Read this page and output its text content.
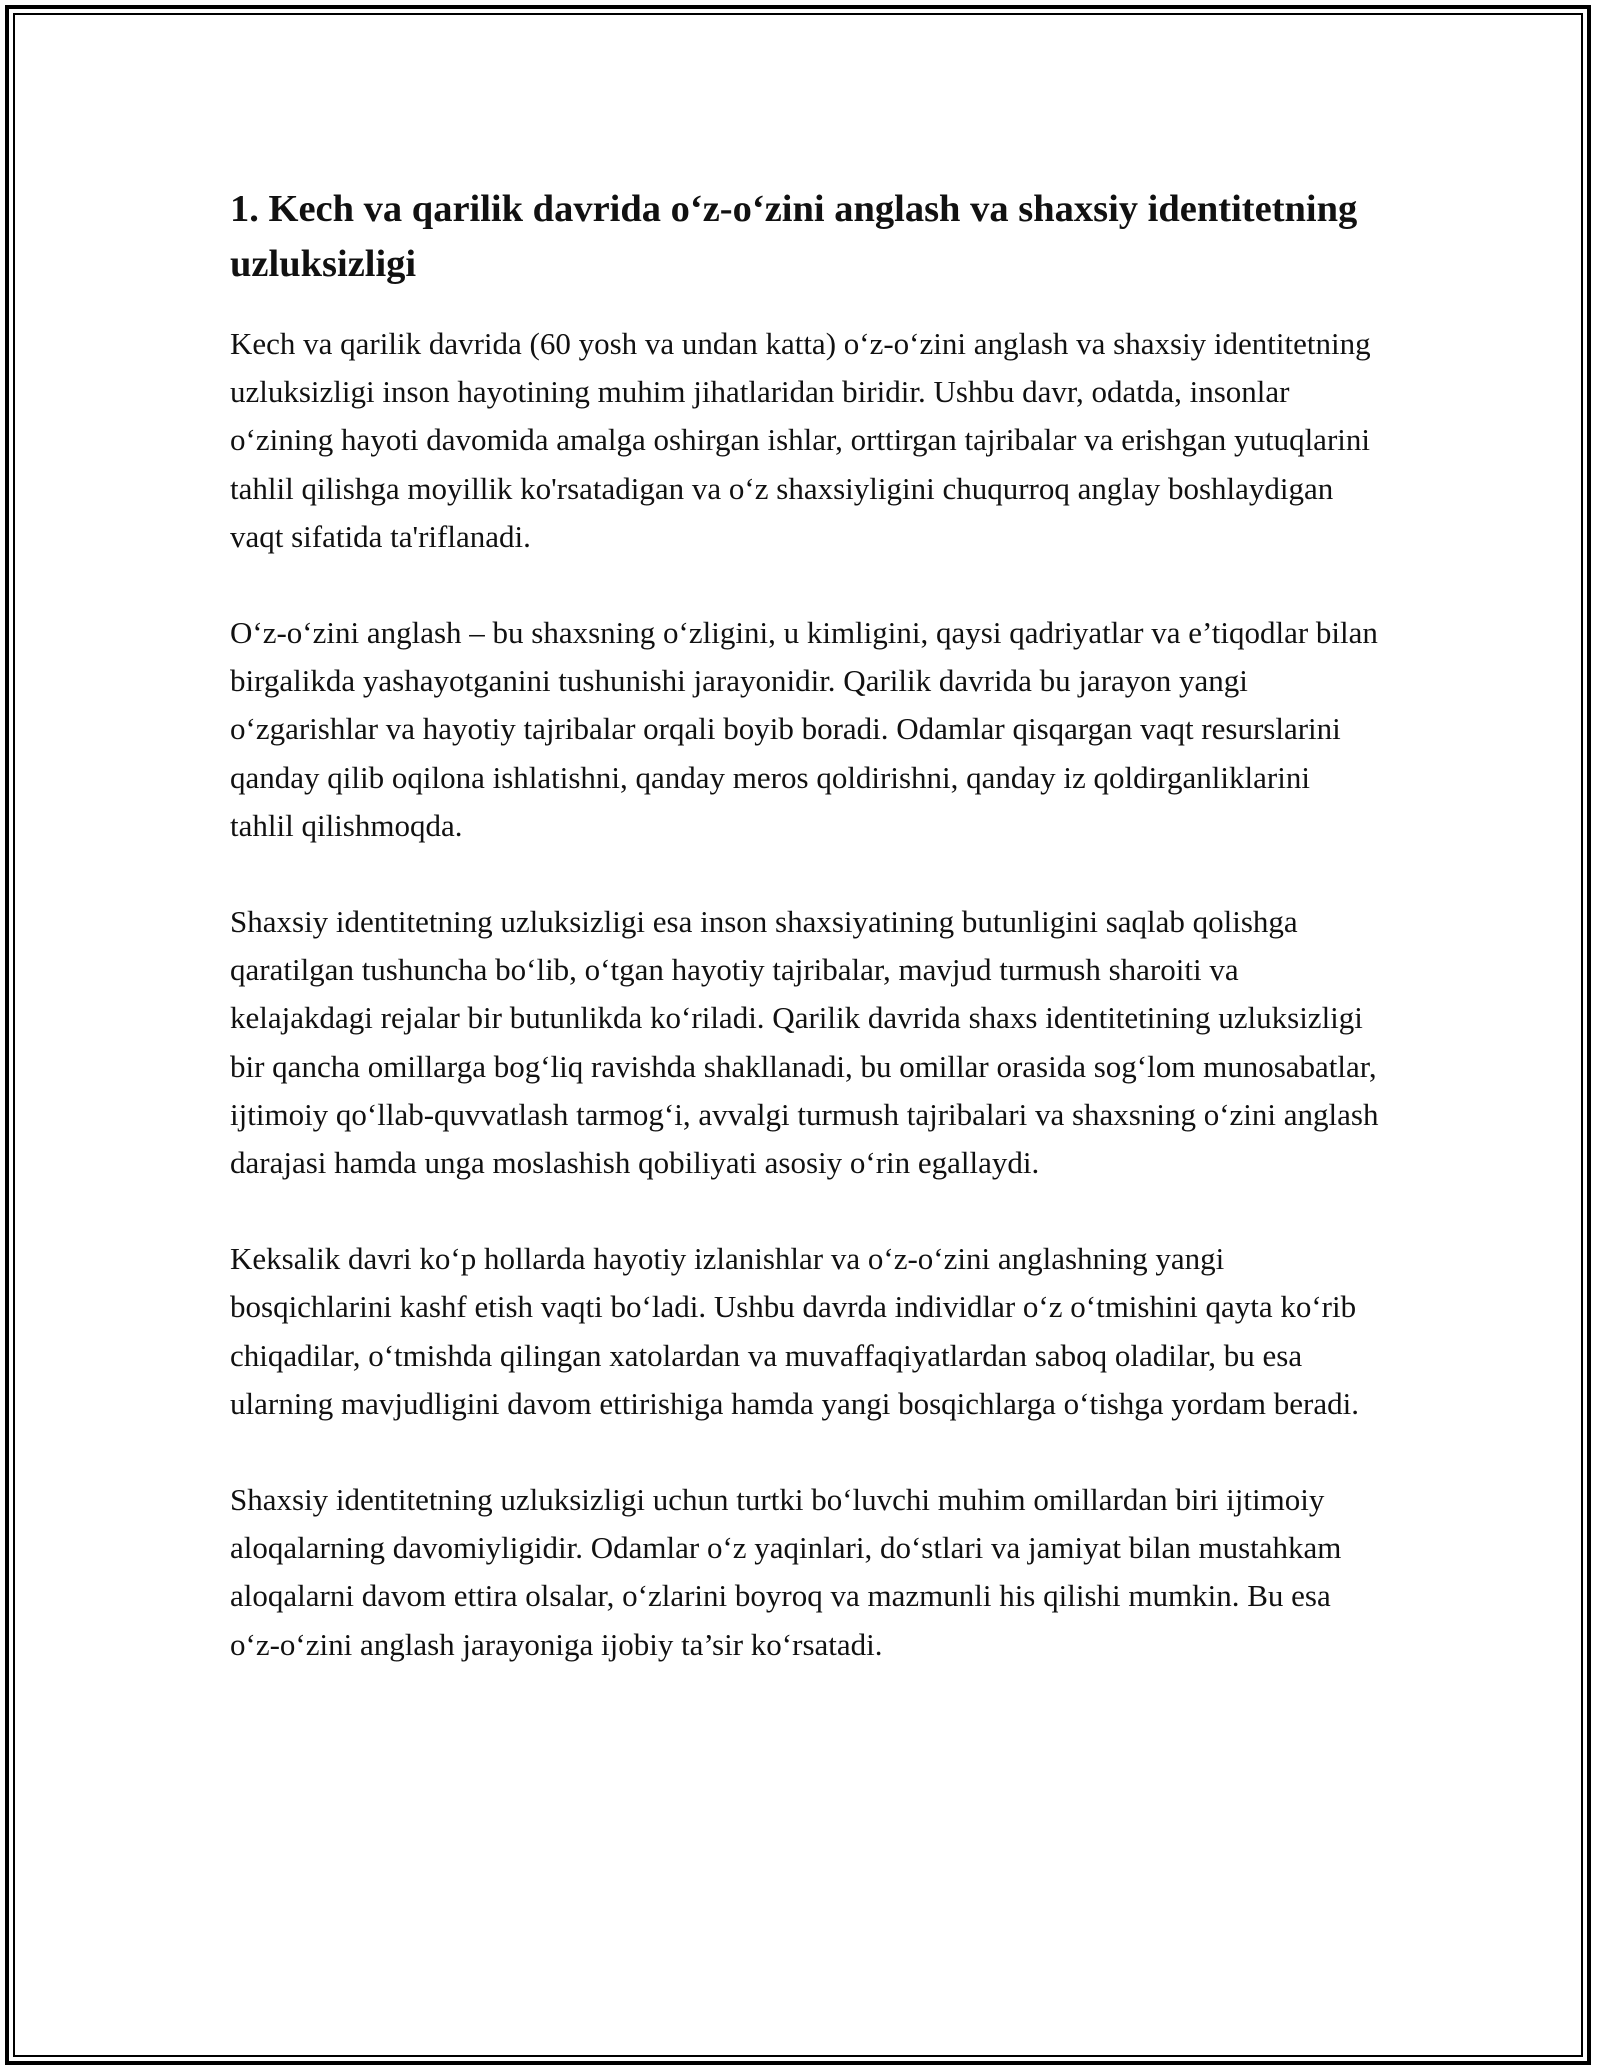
1. Kech va qarilik davrida o‘z-o‘zini anglash va shaxsiy identitetning uzluksizligi

Kech va qarilik davrida (60 yosh va undan katta) o‘z-o‘zini anglash va shaxsiy identitetning uzluksizligi inson hayotining muhim jihatlaridan biridir. Ushbu davr, odatda, insonlar o‘zining hayoti davomida amalga oshirgan ishlar, orttirgan tajribalar va erishgan yutuqlarini tahlil qilishga moyillik ko'rsatadigan va o‘z shaxsiyligini chuqurroq anglay boshlaydigan vaqt sifatida ta'riflanadi.

O‘z-o‘zini anglash – bu shaxsning o‘zligini, u kimligini, qaysi qadriyatlar va e’tiqodlar bilan birgalikda yashayotganini tushunishi jarayonidir. Qarilik davrida bu jarayon yangi o‘zgarishlar va hayotiy tajribalar orqali boyib boradi. Odamlar qisqargan vaqt resurslarini qanday qilib oqilona ishlatishni, qanday meros qoldirishni, qanday iz qoldirganliklarini tahlil qilishmoqda.

Shaxsiy identitetning uzluksizligi esa inson shaxsiyatining butunligini saqlab qolishga qaratilgan tushuncha bo‘lib, o‘tgan hayotiy tajribalar, mavjud turmush sharoiti va kelajakdagi rejalar bir butunlikda ko‘riladi. Qarilik davrida shaxs identitetining uzluksizligi bir qancha omillarga bog‘liq ravishda shakllanadi, bu omillar orasida sog‘lom munosabatlar, ijtimoiy qo‘llab-quvvatlash tarmog‘i, avvalgi turmush tajribalari va shaxsning o‘zini anglash darajasi hamda unga moslashish qobiliyati asosiy o‘rin egallaydi.

Keksalik davri ko‘p hollarda hayotiy izlanishlar va o‘z-o‘zini anglashning yangi bosqichlarini kashf etish vaqti bo‘ladi. Ushbu davrda individlar o‘z o‘tmishini qayta ko‘rib chiqadilar, o‘tmishda qilingan xatolardan va muvaffaqiyatlardan saboq oladilar, bu esa ularning mavjudligini davom ettirishiga hamda yangi bosqichlarga o‘tishga yordam beradi.

Shaxsiy identitetning uzluksizligi uchun turtki bo‘luvchi muhim omillardan biri ijtimoiy aloqalarning davomiyligidir. Odamlar o‘z yaqinlari, do‘stlari va jamiyat bilan mustahkam aloqalarni davom ettira olsalar, o‘zlarini boyroq va mazmunli his qilishi mumkin. Bu esa o‘z-o‘zini anglash jarayoniga ijobiy ta’sir ko‘rsatadi.
